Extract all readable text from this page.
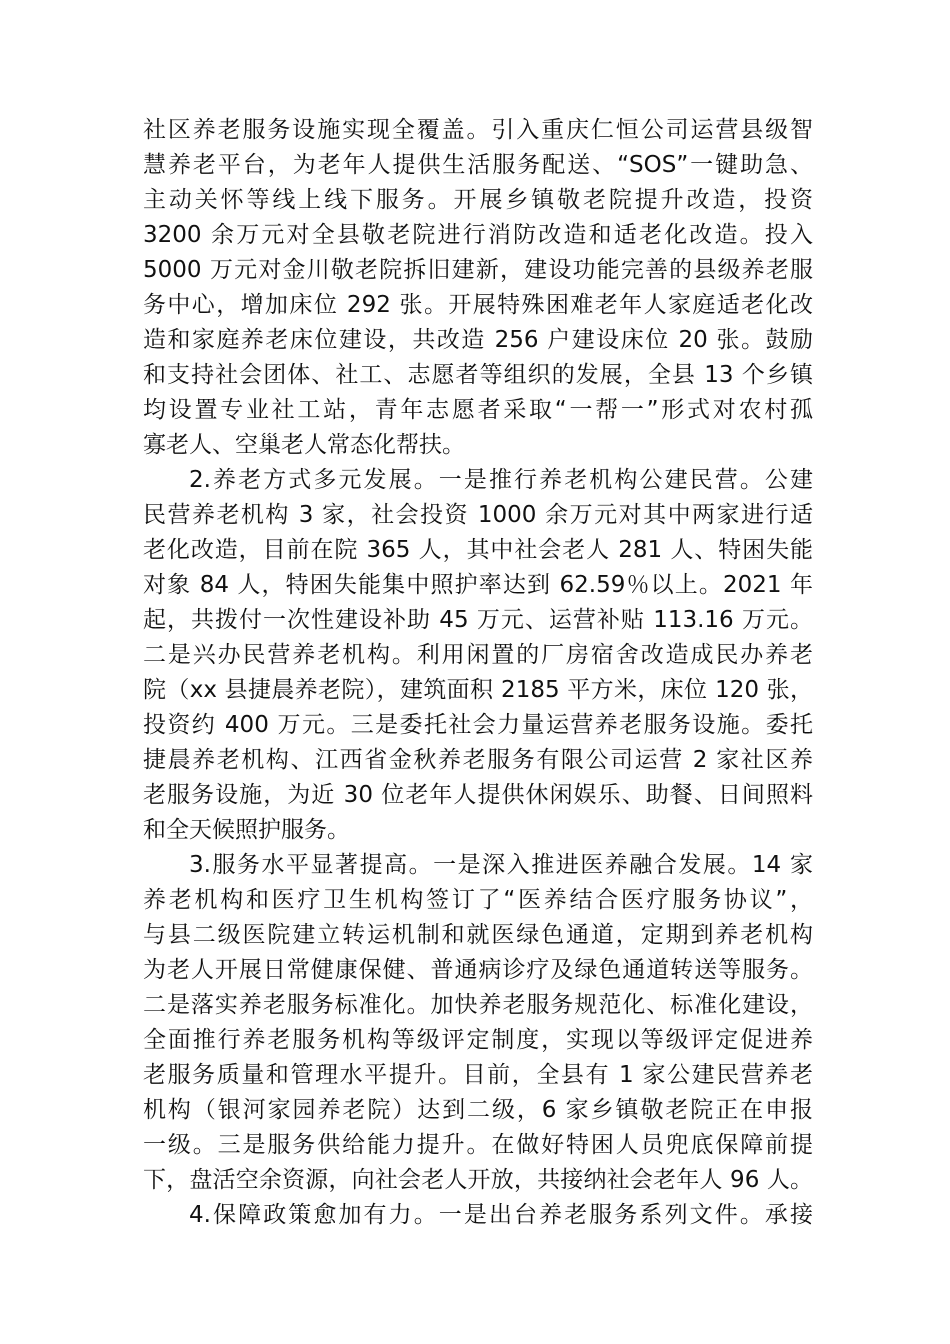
社区养老服务设施实现全覆盖。引入重庆仁恒公司运营县级智
慧养老平台，为老年人提供生活服务配送、“SOS”一键助急、
主动关怀等线上线下服务。开展乡镇敬老院提升改造，投资
3200 余万元对全县敬老院进行消防改造和适老化改造。投入
5000 万元对金川敬老院拆旧建新，建设功能完善的县级养老服
务中心，增加床位 292 张。开展特殊困难老年人家庭适老化改
造和家庭养老床位建设，共改造 256 户建设床位 20 张。鼓励
和支持社会团体、社工、志愿者等组织的发展，全县 13 个乡镇
均设置专业社工站，青年志愿者采取“一帮一”形式对农村孤
寡老人、空巢老人常态化帮扶。
2.养老方式多元发展。一是推行养老机构公建民营。公建
民营养老机构 3 家，社会投资 1000 余万元对其中两家进行适
老化改造，目前在院 365 人，其中社会老人 281 人、特困失能
对象 84 人，特困失能集中照护率达到 62.59％以上。2021 年
起，共拨付一次性建设补助 45 万元、运营补贴 113.16 万元。
二是兴办民营养老机构。利用闲置的厂房宿舍改造成民办养老
院（xx 县捷晨养老院），建筑面积 2185 平方米，床位 120 张，
投资约 400 万元。三是委托社会力量运营养老服务设施。委托
捷晨养老机构、江西省金秋养老服务有限公司运营 2 家社区养
老服务设施，为近 30 位老年人提供休闲娱乐、助餐、日间照料
和全天候照护服务。
3.服务水平显著提高。一是深入推进医养融合发展。14 家
养老机构和医疗卫生机构签订了“医养结合医疗服务协议”，
与县二级医院建立转运机制和就医绿色通道，定期到养老机构
为老人开展日常健康保健、普通病诊疗及绿色通道转送等服务。
二是落实养老服务标准化。加快养老服务规范化、标准化建设，
全面推行养老服务机构等级评定制度，实现以等级评定促进养
老服务质量和管理水平提升。目前，全县有 1 家公建民营养老
机构（银河家园养老院）达到二级，6 家乡镇敬老院正在申报
一级。三是服务供给能力提升。在做好特困人员兜底保障前提
下，盘活空余资源，向社会老人开放，共接纳社会老年人 96 人。
4.保障政策愈加有力。一是出台养老服务系列文件。承接
